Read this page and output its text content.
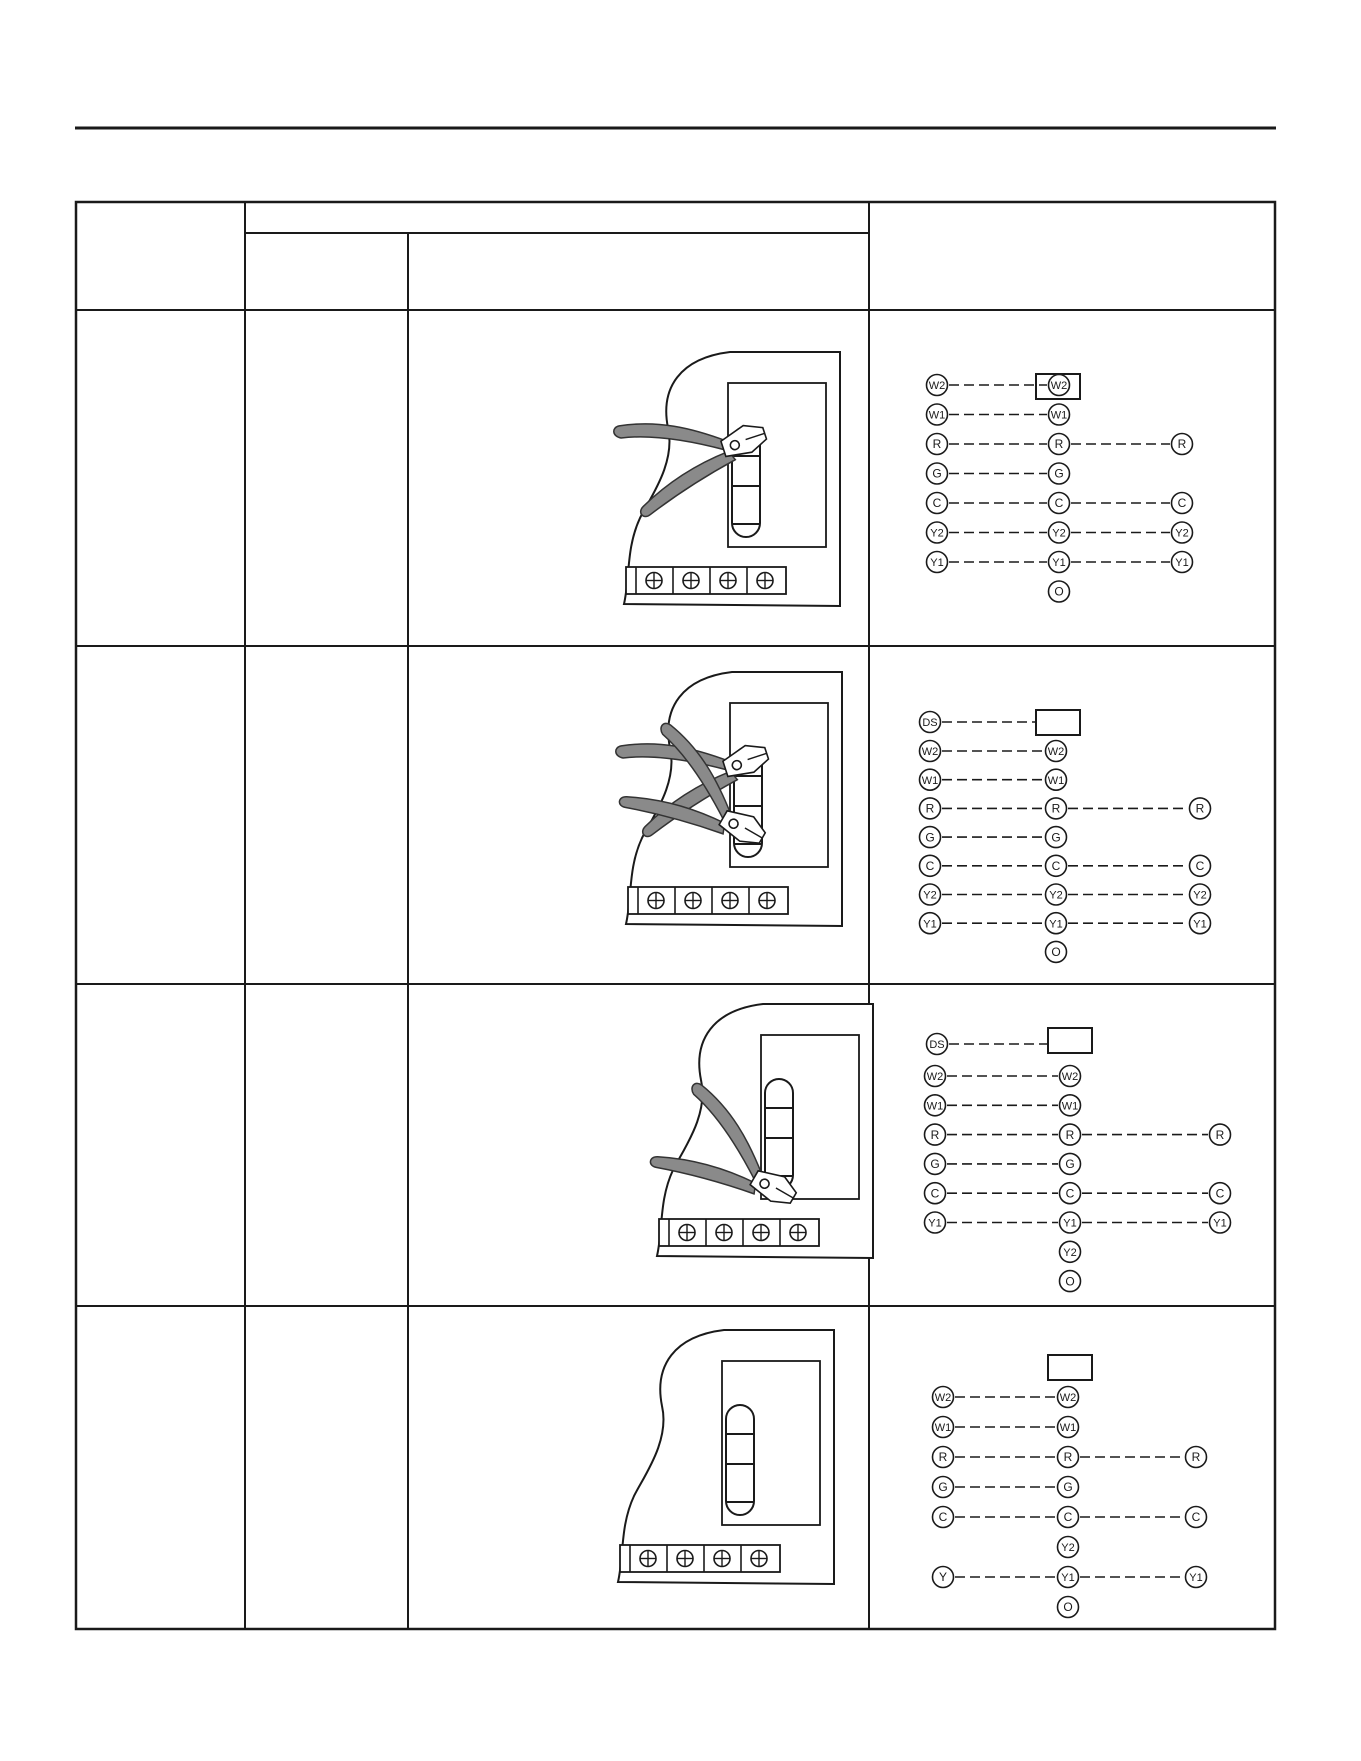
W2	W2
W1	W1
R	R	R
G	G
C	C	C
Y2	Y2	Y2
Y1	Y1	Y1
O
DS
W2	W2
W1	W1
R	R	R
G	G
C	C	C
Y2	Y2	Y2
Y1	Y1	Y1
O
DS
W2	W2
W1	W1
R	R	R
G	G
C	C	C
Y1	Y1	Y1
Y2
O
W2	W2
W1	W1
R	R	R
G	G
C	C	C
Y2
Y	Y1	Y1
O
